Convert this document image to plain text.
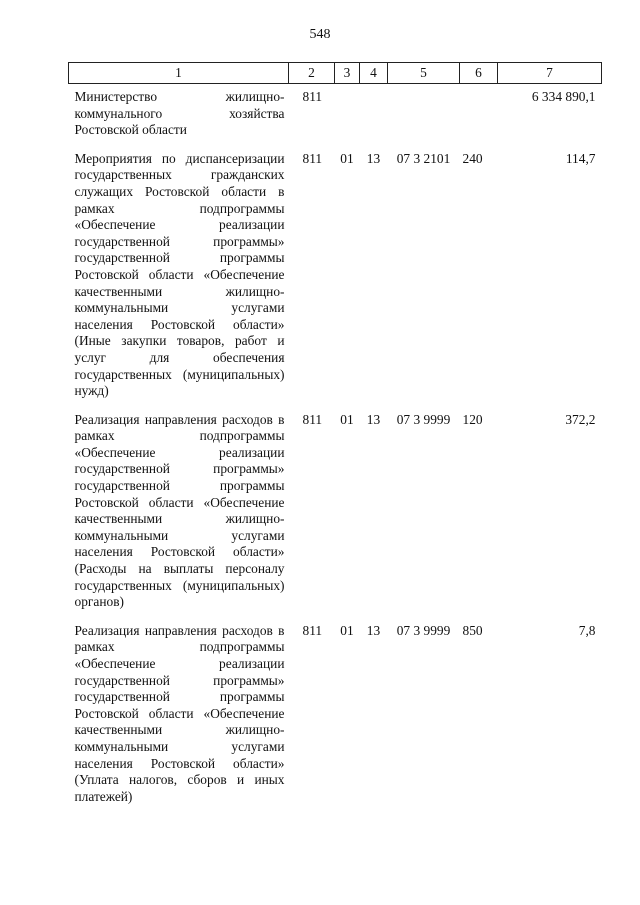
548
1	2	3	4	5	6	7
Министерство жилищно-коммунального хозяйства Ростовской области	811					6 334 890,1
Мероприятия по диспансеризации государственных гражданских служащих Ростовской области в рамках подпрограммы «Обеспечение реализации государственной программы» государственной программы Ростовской области «Обеспечение качественными жилищно-коммунальными услугами населения Ростовской области» (Иные закупки товаров, работ и услуг для обеспечения государственных (муниципальных) нужд)	811	01	13	07 3 2101	240	114,7
Реализация направления расходов в рамках подпрограммы «Обеспечение реализации государственной программы» государственной программы Ростовской области «Обеспечение качественными жилищно-коммунальными услугами населения Ростовской области» (Расходы на выплаты персоналу государственных (муниципальных) органов)	811	01	13	07 3 9999	120	372,2
Реализация направления расходов в рамках подпрограммы «Обеспечение реализации государственной программы» государственной программы Ростовской области «Обеспечение качественными жилищно-коммунальными услугами населения Ростовской области» (Уплата налогов, сборов и иных платежей)	811	01	13	07 3 9999	850	7,8
